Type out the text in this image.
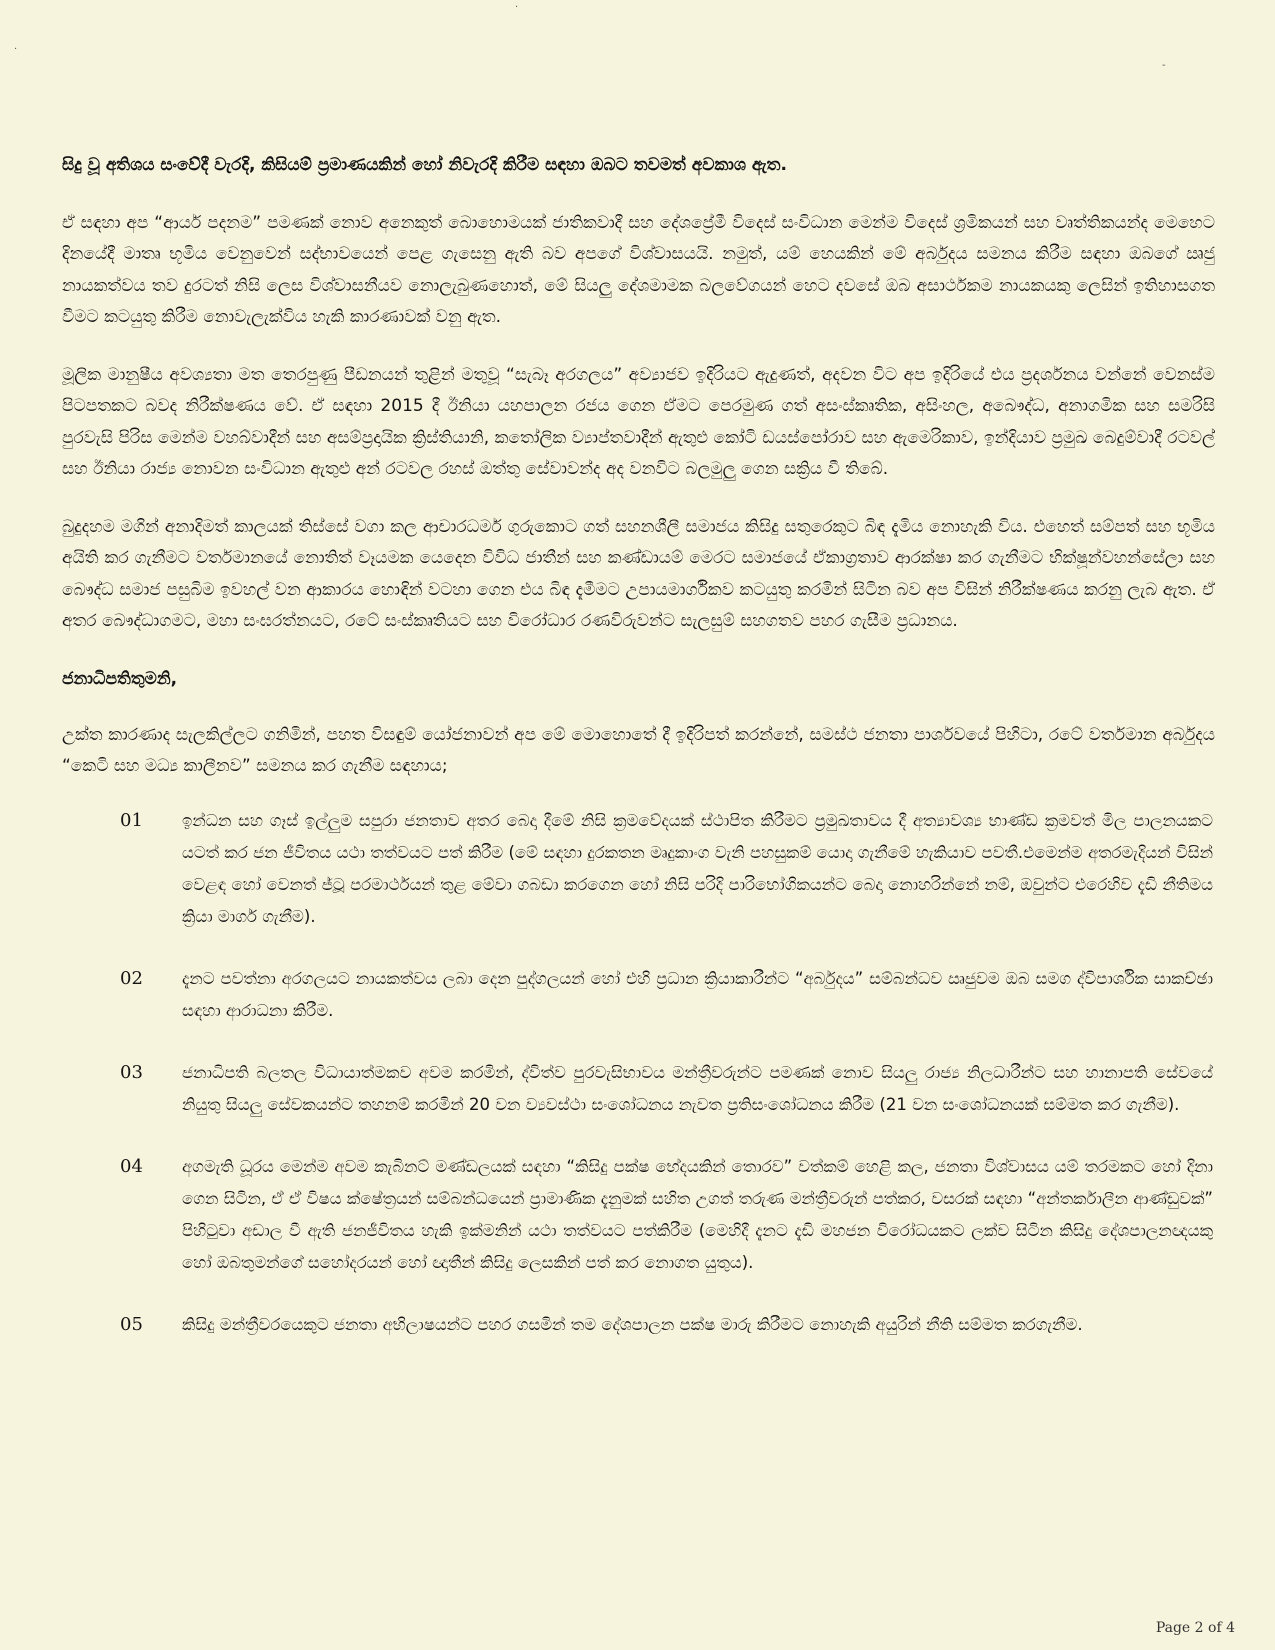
·
·
-

සිදු වූ අතිශය සංවේදී වැරදි, කිසියම් ප්‍රමාණයකින් හෝ නිවැරදි කිරීම සඳහා ඔබට තවමත් අවකාශ ඇත.

ඒ සඳහා අප “ආර්ය පදනම” පමණක් නොව අනෙකුත් බොහොමයක් ජාතිකවාදී සහ දේශප්‍රේමී විදෙස් සංවිධාන මෙන්ම විදෙස් ශ්‍රමිකයන් සහ වෘත්තිකයන්ද මෙහෙට දිනයේදී මාතෘ භූමිය වෙනුවෙන් සද්භාවයෙන් පෙළ ගැසෙනු ඇති බව අපගේ විශ්වාසයයි. නමුත්, යම් හෙයකින් මේ අර්බුදය සමනය කිරීම සඳහා ඔබගේ ඍජු නායකත්වය තව දුරටත් නිසි ලෙස විශ්වාසනීයව නොලැබුණහොත්, මේ සියලු දේශමාමක බලවේගයන් හෙට දවසේ ඔබ අසාර්ථකම නායකයකු ලෙසින් ඉතිහාසගත වීමට කටයුතු කිරීම නොවැලැක්විය හැකි කාරණාවක් වනු ඇත.

මූලික මානුෂීය අවශ්‍යතා මත තෙරපුණු පීඩනයන් තුළින් මතුවූ “සැබෑ අරගලය” අව්‍යාජව ඉදිරියට ඇදුණත්, අදවන විට අප ඉදිරියේ එය ප්‍රදර්ශනය වන්නේ වෙනස්ම පිටපතකට බවද නිරීක්ෂණය වේ. ඒ සඳහා 2015 දී ඊනියා යහපාලන රජය ගෙන ඒමට පෙරමුණ ගත් අසංස්කෘතික, අසිංහල, අබෞද්ධ, අනාගමික සහ සමරිසි පුරවැසි පිරිස මෙන්ම වහබ්වාදීන් සහ අසම්ප්‍රදායික ක්‍රිස්තියානි, කතෝලික ව්‍යාප්තවාදීන් ඇතුළු කෝටි ඩයස්පෝරාව සහ ඇමෙරිකාව, ඉන්දියාව ප්‍රමුඛ බෙදුම්වාදී රටවල් සහ ඊනියා රාජ්‍ය නොවන සංවිධාන ඇතුළු අන් රටවල රහස් ඔත්තු සේවාවන්ද අද වනවිට බලමුලු ගෙන සක්‍රිය වී තිබේ.

බුදුදහම මගින් අනාදිමත් කාලයක් තිස්සේ වගා කල ආචාරධර්ම ගුරුකොට ගත් සහනශීලී සමාජය කිසිදු සතුරෙකුට බිඳ දැමිය නොහැකි විය. එහෙත් සම්පත් සහ භූමිය අයිති කර ගැනීමට වර්තමානයේ නොතිත් වෑයමක යෙදෙන විවිධ ජාතීන් සහ කණ්ඩායම් මෙරට සමාජයේ ඒකාග්‍රතාව ආරක්ෂා කර ගැනීමට භික්ෂූන්වහන්සේලා සහ බෞද්ධ සමාජ පසුබිම ඉවහල් වන ආකාරය හොඳින් වටහා ගෙන එය බිඳ දැමීමට උපායමාර්ගිකව කටයුතු කරමින් සිටින බව අප විසින් නිරීක්ෂණය කරනු ලැබ ඇත. ඒ අතර බෞද්ධාගමට, මහා සංඝරත්නයට, රටේ සංස්කෘතියට සහ විරෝධාර රණවිරුවන්ට සැලසුම් සහගතව පහර ගැසීම ප්‍රධානය.

ජනාධිපතිතුමනි,

උක්ත කාරණාද සැලකිල්ලට ගනිමින්, පහත විසඳුම් යෝජනාවන් අප මේ මොහොතේ දී ඉදිරිපත් කරන්නේ, සමස්ථ ජනතා පාර්ශවයේ පිහිටා, රටේ වර්තමාන අර්බුදය “කෙටි සහ මධ්‍ය කාලීනව” සමනය කර ගැනීම සඳහාය;

01	ඉන්ධන සහ ගෑස් ඉල්ලුම සපුරා ජනතාව අතර බෙදා දීමේ නිසි ක්‍රමවේදයක් ස්ථාපිත කිරීමට ප්‍රමුඛතාවය දී අත්‍යාවශ්‍ය භාණ්ඩ ක්‍රමවත් මිල පාලනයකට යටත් කර ජන ජීවිතය යථා තත්වයට පත් කිරීම (මේ සඳහා දුරකතන මෘදුකාංග වැනි පහසුකම් යොදා ගැනීමේ හැකියාව පවතී.එමෙන්ම අතරමැදියන් විසින් වෙළඳ හෝ වෙනත් ජ්‍ටූ පරමාර්ථයන් තුළ මේවා ගබඩා කරගෙන හෝ නිසි පරිදි පාරිභෝගිකයන්ට බෙදා නොහරින්නේ නම්, ඔවුන්ට එරෙහිව දැඩි නීතිමය ක්‍රියා මාර්ග ගැනීම).
02	දැනට පවත්නා අරගලයට නායකත්වය ලබා දෙන පුද්ගලයන් හෝ එහි ප්‍රධාන ක්‍රියාකාරීන්ට “අර්බුදය” සම්බන්ධව ඍජුවම ඔබ සමග ද්විපාර්ශික සාකච්ඡා සඳහා ආරාධනා කිරීම.
03	ජනාධිපති බලතල විධායාත්මකව අවම කරමින්, ද්විත්ව පුරවැසිභාවය මන්ත්‍රීවරුන්ට පමණක් නොව සියලු රාජ්‍ය නිලධාරීන්ට සහ හානාපති සේවයේ නියුතු සියලු සේවකයන්ට තහනම් කරමින් 20 වන ව්‍යවස්ථා සංශෝධනය නැවත ප්‍රතිසංශෝධනය කිරීම (21 වන සංශෝධනයක් සම්මත කර ගැනීම).
04	අගමැති ධූරය මෙන්ම අවම කැබිනට් මණ්ඩලයක් සඳහා “කිසිදු පක්ෂ භේදයකින් තොරව” වත්කම් හෙළි කල, ජනතා විශ්වාසය යම් තරමකට හෝ දිනා ගෙන සිටින, ඒ ඒ විෂය ක්ෂේත්‍රයන් සම්බන්ධයෙන් ප්‍රාමාණික දැනුමක් සහිත උගත් තරුණ මන්ත්‍රීවරුන් පත්කර, වසරක් සඳහා “අන්තර්කාලීන ආණ්ඩුවක්” පිහිටුවා අඩාල වී ඇති ජනජීවිතය හැකි ඉක්මනින් යථා තත්වයට පත්කිරීම (මෙහිදී දැනට දැඩි මහජන විරෝධයකට ලක්ව සිටින කිසිදු දේශපාලනඥයකු හෝ ඔබතුමන්ගේ සහෝදරයන් හෝ ඥාතීන් කිසිදු ලෙසකින් පත් කර නොගත යුතුය).
05	කිසිදු මන්ත්‍රීවරයෙකුට ජනතා අභිලාෂයන්ට පහර ගසමින් තම දේශපාලන පක්ෂ මාරු කිරීමට නොහැකි අයුරින් නීති සම්මත කරගැනීම.
Page 2 of 4
